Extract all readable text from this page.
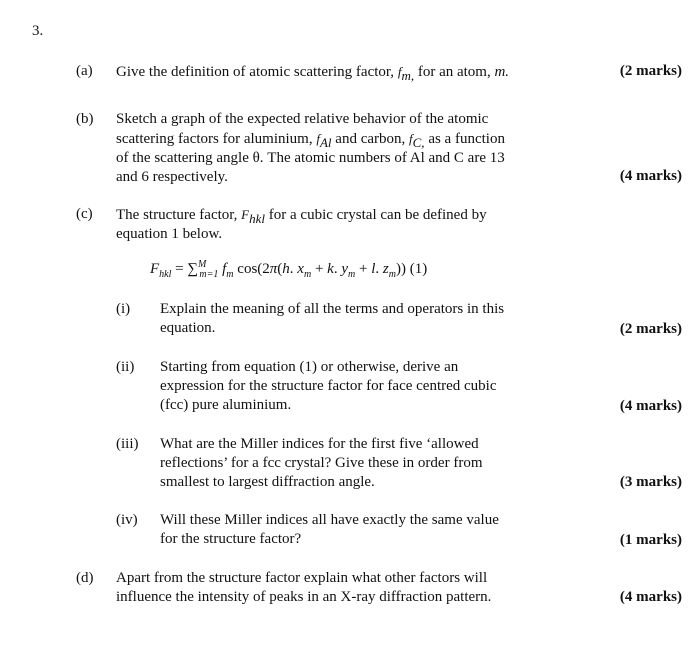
3.
(a) Give the definition of atomic scattering factor, $f_{m,}$ for an atom, m.	(2 marks)
(b) Sketch a graph of the expected relative behavior of the atomic
scattering factors for aluminium, $f_{Al}$ and carbon, $f_{C,}$ as a function
of the scattering angle θ. The atomic numbers of Al and C are 13
and 6 respectively.	(4 marks)
(c) The structure factor, $F_{hkl}$ for a cubic crystal can be defined by
equation 1 below.
$F_{hkl} = \sum^M_{m=1}$ $f_m$ cos(2π(h. $x_m + k$. $y_m + l$. $z_m$)) (1)
(i) Explain the meaning of all the terms and operators in this
equation.	(2 marks)
(ii) Starting from equation (1) or otherwise, derive an
expression for the structure factor for face centred cubic
(fcc) pure aluminium.	(4 marks)
(iii) What are the Miller indices for the first five ‘allowed
reflections’ for a fcc crystal? Give these in order from
smallest to largest diffraction angle.	(3 marks)
(iv) Will these Miller indices all have exactly the same value
for the structure factor?	(1 marks)
(d) Apart from the structure factor explain what other factors will
influence the intensity of peaks in an X-ray diffraction pattern.	(4 marks)
